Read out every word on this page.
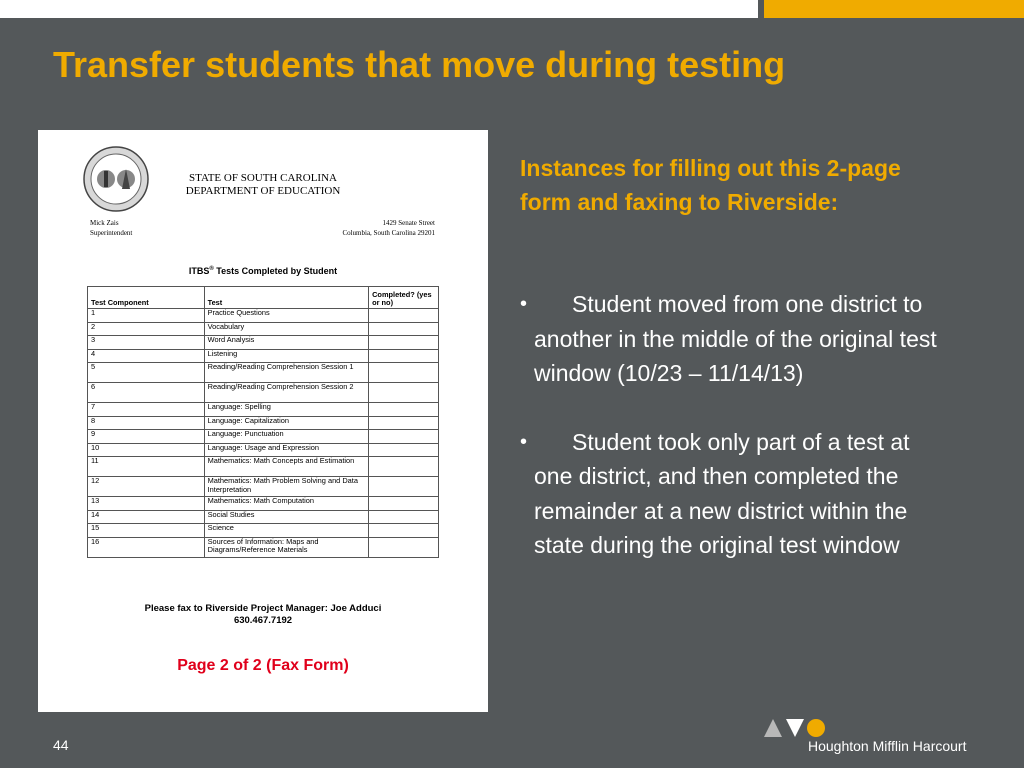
Transfer students that move during testing
STATE OF SOUTH CAROLINA
DEPARTMENT OF EDUCATION
Mick Zais
Superintendent
1429 Senate Street
Columbia, South Carolina 29201
ITBS® Tests Completed by Student
Test Component	Test	Completed? (yes or no)
1	Practice Questions	
2	Vocabulary	
3	Word Analysis	
4	Listening	
5	Reading/Reading Comprehension Session 1	
6	Reading/Reading Comprehension Session 2	
7	Language: Spelling	
8	Language: Capitalization	
9	Language: Punctuation	
10	Language: Usage and Expression	
11	Mathematics: Math Concepts and Estimation	
12	Mathematics: Math Problem Solving and Data Interpretation	
13	Mathematics: Math Computation	
14	Social Studies	
15	Science	
16	Sources of Information: Maps and Diagrams/Reference Materials	
Please fax to Riverside Project Manager: Joe Adduci
630.467.7192
Page 2 of 2 (Fax Form)
Instances for filling out this 2-page form and faxing to Riverside:
•	Student moved from one district to another in the middle of the original test window (10/23 – 11/14/13)
•	Student took only part of a test at one district, and then completed the remainder at a new district within the state during the original test window
44	Houghton Mifflin Harcourt
